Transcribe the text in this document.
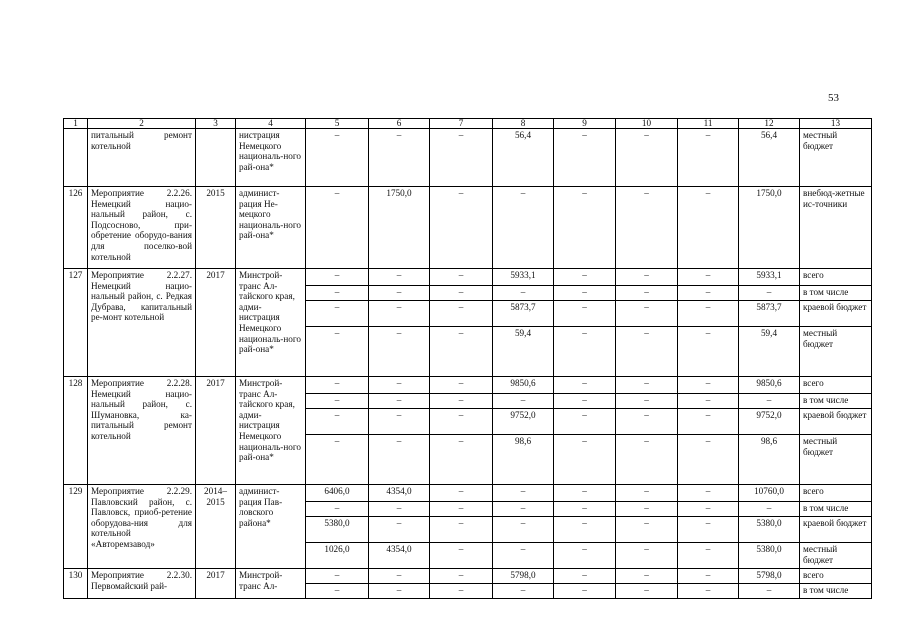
53
1	2	3	4	5	6	7	8	9	10	11	12	13
	питальный ремонт котельной		нистрация Немецкого националь-ного рай-она*	–	–	–	56,4	–	–	–	56,4	местный бюджет
126	Мероприятие 2.2.26. Немецкий нацио-нальный район, с. Подсосново, при-обретение оборудо-вания для поселко-вой котельной	2015	админист-рация Не-мецкого националь-ного рай-она*	–	1750,0	–	–	–	–	–	1750,0	внебюд-жетные ис-точники
127	Мероприятие 2.2.27. Немецкий нацио-нальный район, с. Редкая Дубрава, капитальный ре-монт котельной	2017	Минстрой-транс Ал-тайского края, адми-нистрация Немецкого националь-ного рай-она*	–	–	–	5933,1	–	–	–	5933,1	всего
				–	–	–	–	–	–	–	–	в том числе
				–	–	–	5873,7	–	–	–	5873,7	краевой бюджет
				–	–	–	59,4	–	–	–	59,4	местный бюджет
128	Мероприятие 2.2.28. Немецкий нацио-нальный район, с. Шумановка, ка-питальный ремонт котельной	2017	Минстрой-транс Ал-тайского края, адми-нистрация Немецкого националь-ного рай-она*	–	–	–	9850,6	–	–	–	9850,6	всего
				–	–	–	–	–	–	–	–	в том числе
				–	–	–	9752,0	–	–	–	9752,0	краевой бюджет
				–	–	–	98,6	–	–	–	98,6	местный бюджет
129	Мероприятие 2.2.29. Павловский район, с. Павловск, приоб-ретение оборудова-ния для котельной «Авторемзавод»	2014–2015	админист-рация Пав-ловского района*	6406,0	4354,0	–	–	–	–	–	10760,0	всего
				–	–	–	–	–	–	–	–	в том числе
				5380,0	–	–	–	–	–	–	5380,0	краевой бюджет
				1026,0	4354,0	–	–	–	–	–	5380,0	местный бюджет
130	Мероприятие 2.2.30. Первомайский рай-	2017	Минстрой-транс Ал-	–	–	–	5798,0	–	–	–	5798,0	всего
				–	–	–	–	–	–	–	–	в том числе
